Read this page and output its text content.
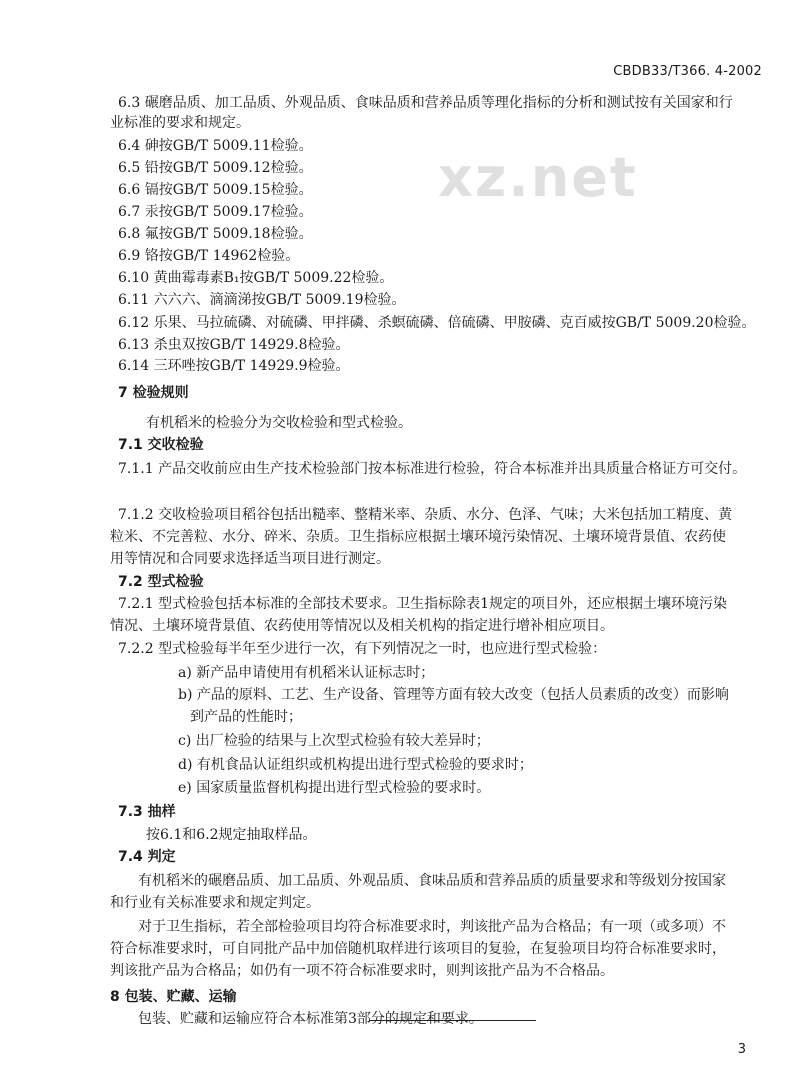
CBDB33/T366. 4-2002
xz.net
6.3 碾磨品质、加工品质、外观品质、食味品质和营养品质等理化指标的分析和测试按有关国家和行
业标准的要求和规定。
6.4 砷按GB/T 5009.11检验。
6.5 铅按GB/T 5009.12检验。
6.6 镉按GB/T 5009.15检验。
6.7 汞按GB/T 5009.17检验。
6.8 氟按GB/T 5009.18检验。
6.9 铬按GB/T 14962检验。
6.10 黄曲霉毒素B₁按GB/T 5009.22检验。
6.11 六六六、滴滴涕按GB/T 5009.19检验。
6.12 乐果、马拉硫磷、对硫磷、甲拌磷、杀螟硫磷、倍硫磷、甲胺磷、克百威按GB/T 5009.20检验。
6.13 杀虫双按GB/T 14929.8检验。
6.14 三环唑按GB/T 14929.9检验。
7 检验规则
有机稻米的检验分为交收检验和型式检验。
7.1 交收检验
7.1.1 产品交收前应由生产技术检验部门按本标准进行检验，符合本标准并出具质量合格证方可交付。
7.1.2 交收检验项目稻谷包括出糙率、整精米率、杂质、水分、色泽、气味；大米包括加工精度、黄
粒米、不完善粒、水分、碎米、杂质。卫生指标应根据土壤环境污染情况、土壤环境背景值、农药使
用等情况和合同要求选择适当项目进行测定。
7.2 型式检验
7.2.1 型式检验包括本标准的全部技术要求。卫生指标除表1规定的项目外，还应根据土壤环境污染
情况、土壤环境背景值、农药使用等情况以及相关机构的指定进行增补相应项目。
7.2.2 型式检验每半年至少进行一次，有下列情况之一时，也应进行型式检验：
a) 新产品申请使用有机稻米认证标志时；
b) 产品的原料、工艺、生产设备、管理等方面有较大改变（包括人员素质的改变）而影响
到产品的性能时；
c) 出厂检验的结果与上次型式检验有较大差异时；
d) 有机食品认证组织或机构提出进行型式检验的要求时；
e) 国家质量监督机构提出进行型式检验的要求时。
7.3 抽样
按6.1和6.2规定抽取样品。
7.4 判定
有机稻米的碾磨品质、加工品质、外观品质、食味品质和营养品质的质量要求和等级划分按国家
和行业有关标准要求和规定判定。
对于卫生指标，若全部检验项目均符合标准要求时，判该批产品为合格品；有一项（或多项）不
符合标准要求时，可自同批产品中加倍随机取样进行该项目的复验，在复验项目均符合标准要求时，
判该批产品为合格品；如仍有一项不符合标准要求时，则判该批产品为不合格品。
8 包装、贮藏、运输
包装、贮藏和运输应符合本标准第3部分的规定和要求。
3
